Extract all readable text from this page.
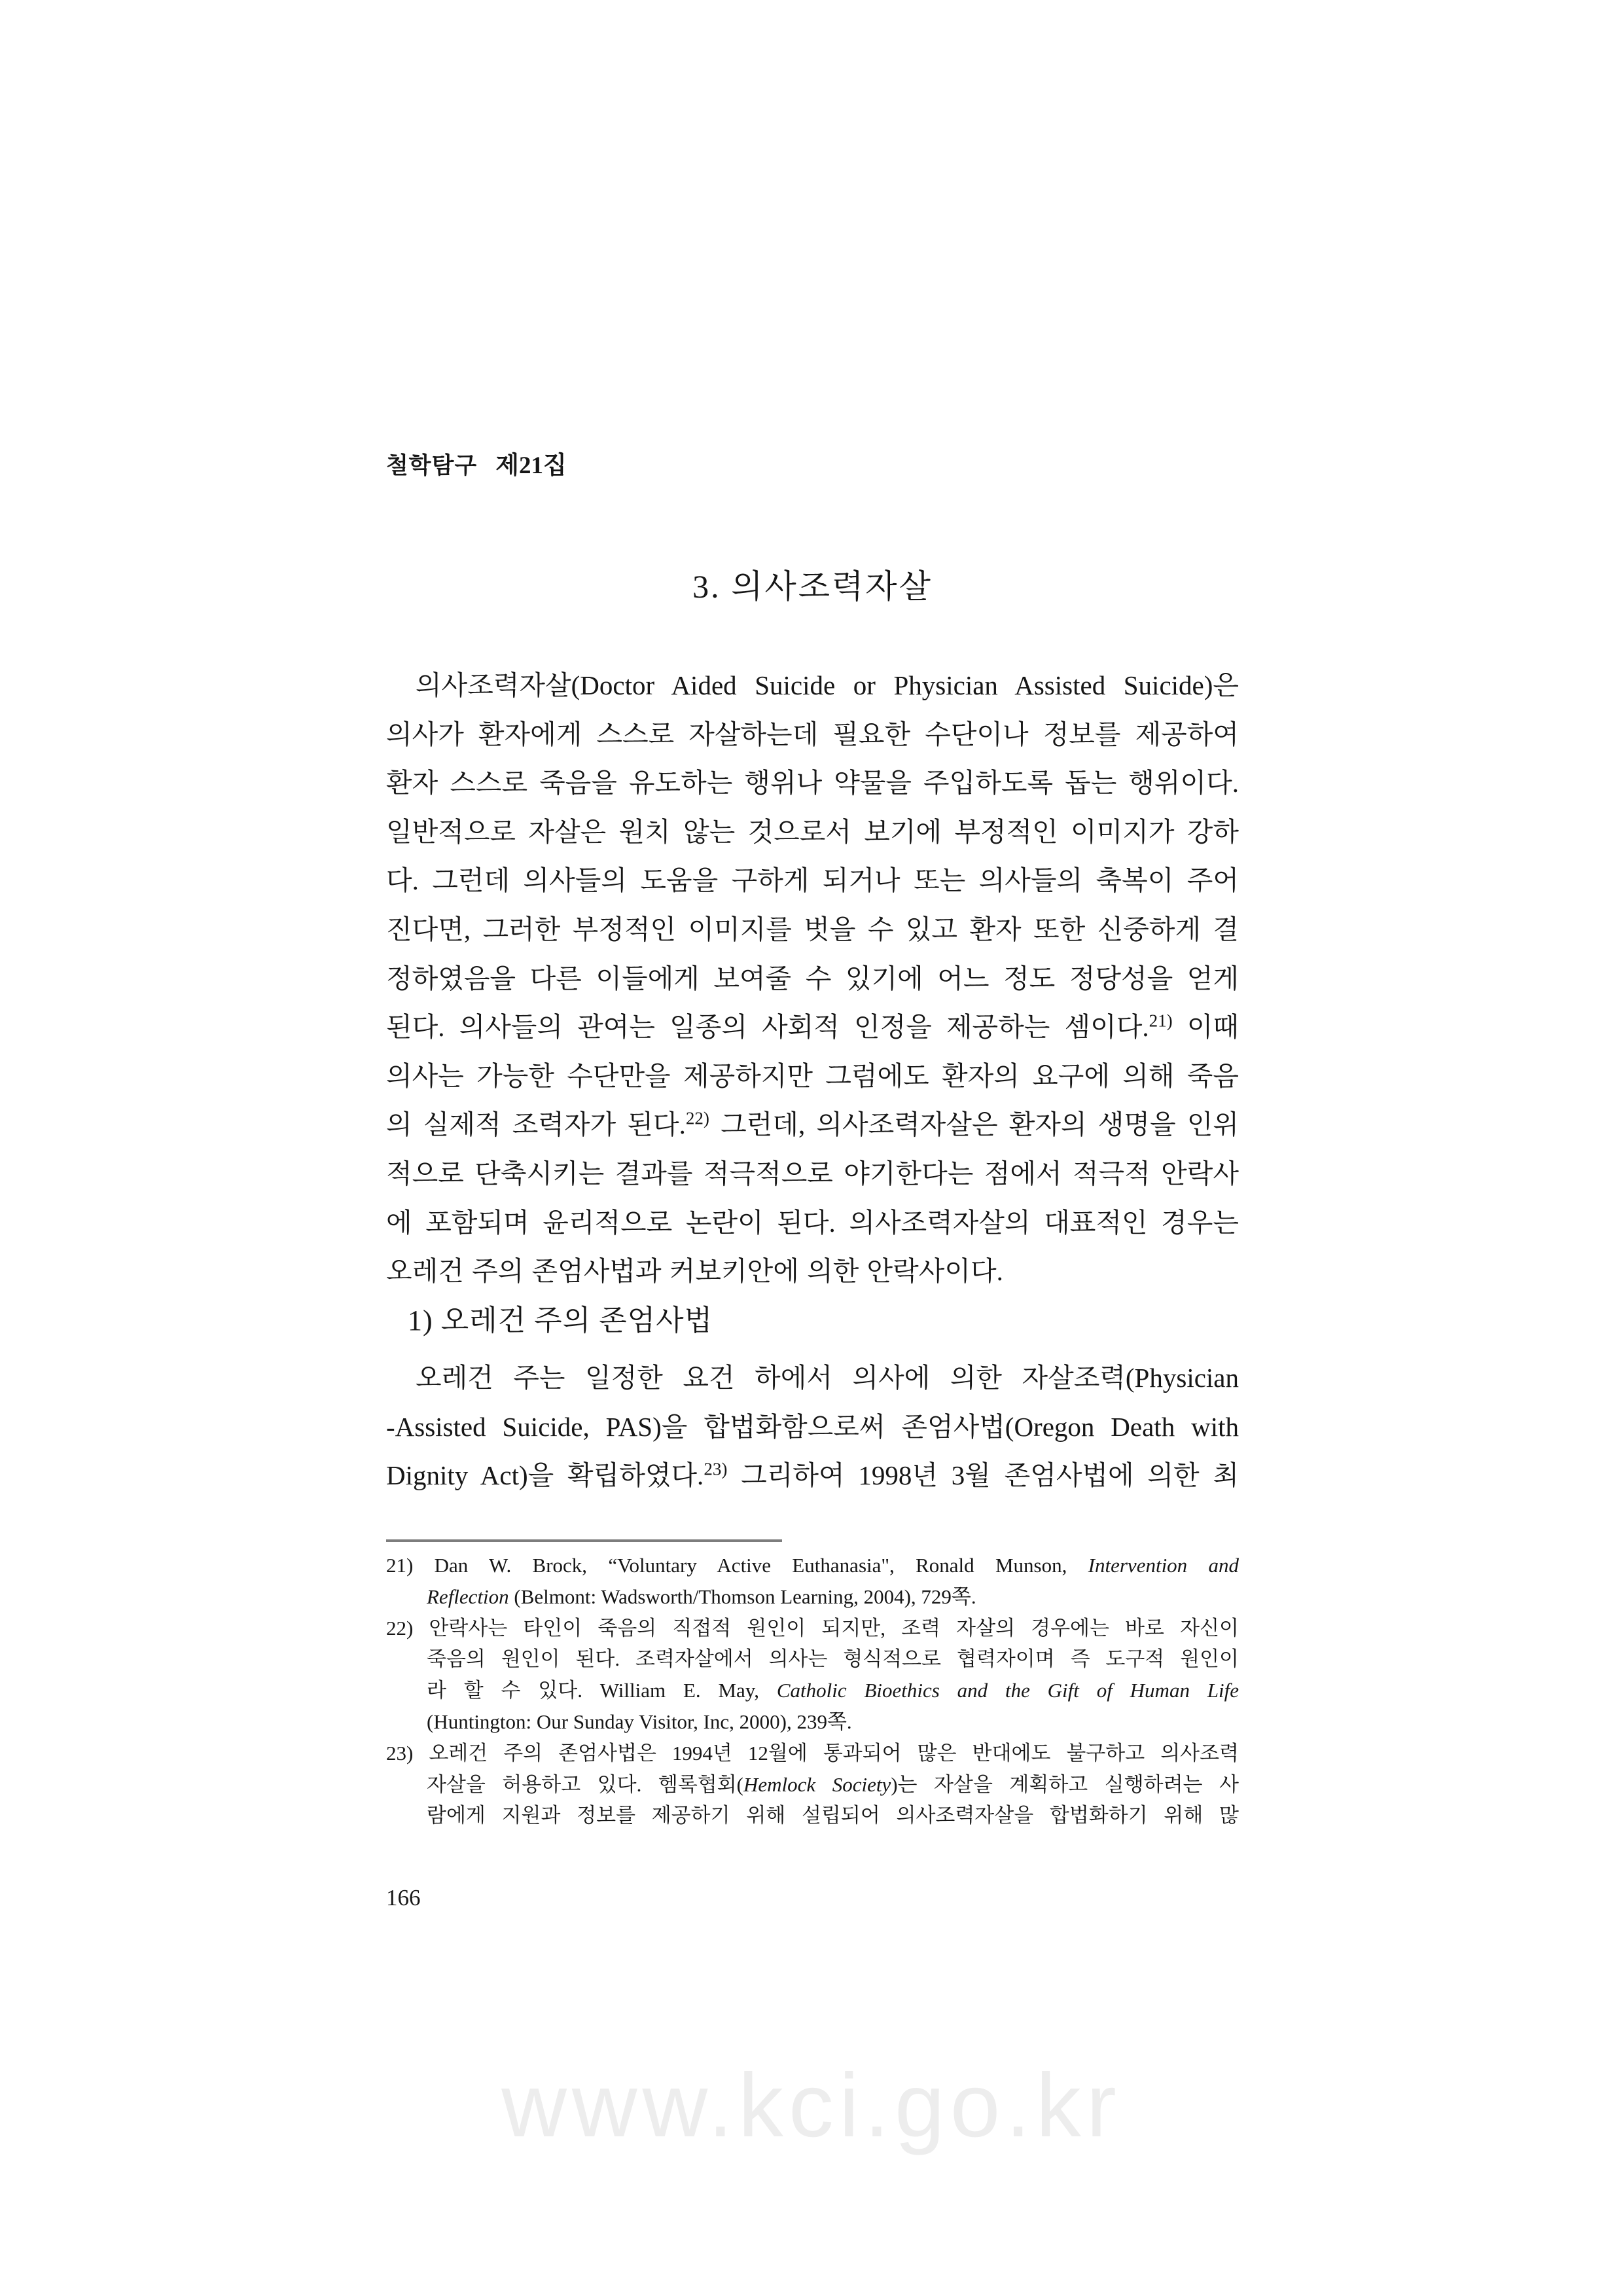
철학탐구 제21집
3. 의사조력자살
의사조력자살(Doctor Aided Suicide or Physician Assisted Suicide)은
의사가 환자에게 스스로 자살하는데 필요한 수단이나 정보를 제공하여
환자 스스로 죽음을 유도하는 행위나 약물을 주입하도록 돕는 행위이다.
일반적으로 자살은 원치 않는 것으로서 보기에 부정적인 이미지가 강하
다. 그런데 의사들의 도움을 구하게 되거나 또는 의사들의 축복이 주어
진다면, 그러한 부정적인 이미지를 벗을 수 있고 환자 또한 신중하게 결
정하였음을 다른 이들에게 보여줄 수 있기에 어느 정도 정당성을 얻게
된다. 의사들의 관여는 일종의 사회적 인정을 제공하는 셈이다.$^{21)}$ 이때
의사는 가능한 수단만을 제공하지만 그럼에도 환자의 요구에 의해 죽음
의 실제적 조력자가 된다.$^{22)}$ 그런데, 의사조력자살은 환자의 생명을 인위
적으로 단축시키는 결과를 적극적으로 야기한다는 점에서 적극적 안락사
에 포함되며 윤리적으로 논란이 된다. 의사조력자살의 대표적인 경우는
오레건 주의 존엄사법과 커보키안에 의한 안락사이다.
1) 오레건 주의 존엄사법
오레건 주는 일정한 요건 하에서 의사에 의한 자살조력(Physician
-Assisted Suicide, PAS)을 합법화함으로써 존엄사법(Oregon Death with
Dignity Act)을 확립하였다.$^{23)}$ 그리하여 1998년 3월 존엄사법에 의한 최
21) Dan W. Brock, “Voluntary Active Euthanasia", Ronald Munson, Intervention and
Reflection (Belmont: Wadsworth/Thomson Learning, 2004), 729쪽.
22) 안락사는 타인이 죽음의 직접적 원인이 되지만, 조력 자살의 경우에는 바로 자신이
죽음의 원인이 된다. 조력자살에서 의사는 형식적으로 협력자이며 즉 도구적 원인이
라 할 수 있다. William E. May, Catholic Bioethics and the Gift of Human Life
(Huntington: Our Sunday Visitor, Inc, 2000), 239쪽.
23) 오레건 주의 존엄사법은 1994년 12월에 통과되어 많은 반대에도 불구하고 의사조력
자살을 허용하고 있다. 헴록협회(Hemlock Society)는 자살을 계획하고 실행하려는 사
람에게 지원과 정보를 제공하기 위해 설립되어 의사조력자살을 합법화하기 위해 많
166
www.kci.go.kr
